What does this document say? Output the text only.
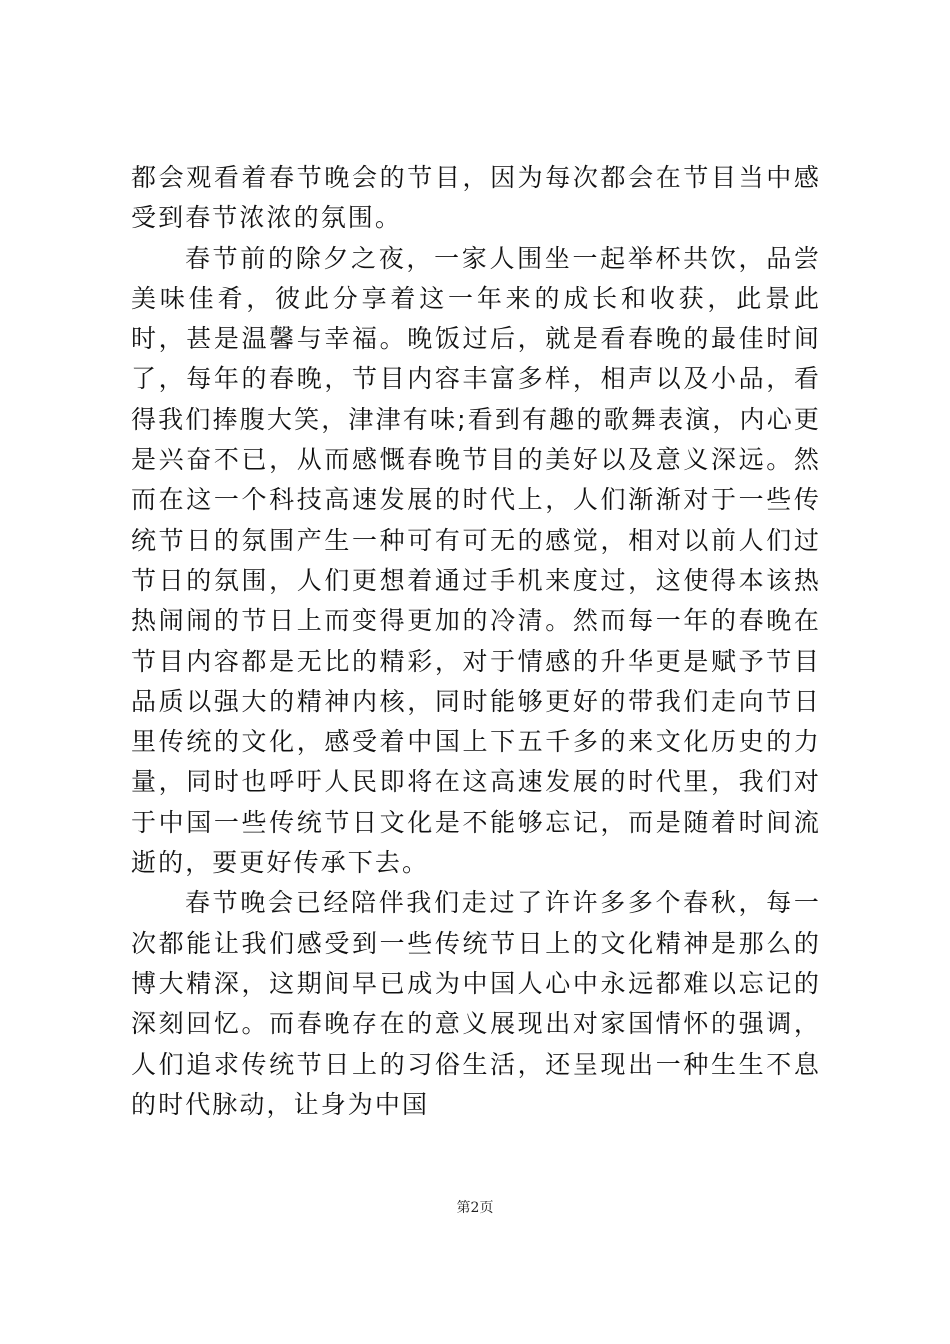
都会观看着春节晚会的节目，因为每次都会在节目当中感受到春节浓浓的氛围。

春节前的除夕之夜，一家人围坐一起举杯共饮，品尝美味佳肴，彼此分享着这一年来的成长和收获，此景此时，甚是温馨与幸福。晚饭过后，就是看春晚的最佳时间了，每年的春晚，节目内容丰富多样，相声以及小品，看得我们捧腹大笑，津津有味;看到有趣的歌舞表演，内心更是兴奋不已，从而感慨春晚节目的美好以及意义深远。然而在这一个科技高速发展的时代上，人们渐渐对于一些传统节日的氛围产生一种可有可无的感觉，相对以前人们过节日的氛围，人们更想着通过手机来度过，这使得本该热热闹闹的节日上而变得更加的冷清。然而每一年的春晚在节目内容都是无比的精彩，对于情感的升华更是赋予节目品质以强大的精神内核，同时能够更好的带我们走向节日里传统的文化，感受着中国上下五千多的来文化历史的力量，同时也呼吁人民即将在这高速发展的时代里，我们对于中国一些传统节日文化是不能够忘记，而是随着时间流逝的，要更好传承下去。

春节晚会已经陪伴我们走过了许许多多个春秋，每一次都能让我们感受到一些传统节日上的文化精神是那么的博大精深，这期间早已成为中国人心中永远都难以忘记的深刻回忆。而春晚存在的意义展现出对家国情怀的强调，人们追求传统节日上的习俗生活，还呈现出一种生生不息的时代脉动，让身为中国

第2页
